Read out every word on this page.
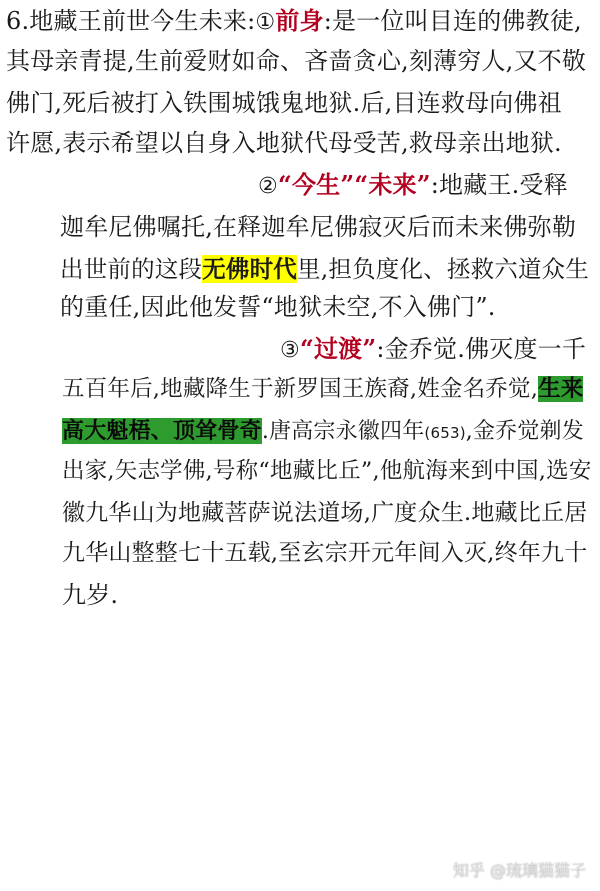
6.地藏王前世今生未来:①前身:是一位叫目连的佛教徒,
其母亲青提,生前爱财如命、吝啬贪心,刻薄穷人,又不敬
佛门,死后被打入铁围城饿鬼地狱.后,目连救母向佛祖
许愿,表示希望以自身入地狱代母受苦,救母亲出地狱.
②“今生”“未来”:地藏王.受释
迦牟尼佛嘱托,在释迦牟尼佛寂灭后而未来佛弥勒
出世前的这段无佛时代里,担负度化、拯救六道众生
的重任,因此他发誓“地狱未空,不入佛门”.
③“过渡”:金乔觉.佛灭度一千
五百年后,地藏降生于新罗国王族裔,姓金名乔觉,生来
高大魁梧、顶耸骨奇.唐高宗永徽四年(653),金乔觉剃发
出家,矢志学佛,号称“地藏比丘”,他航海来到中国,选安
徽九华山为地藏菩萨说法道场,广度众生.地藏比丘居
九华山整整七十五载,至玄宗开元年间入灭,终年九十
九岁.
知乎 @琉璃猫猫子
